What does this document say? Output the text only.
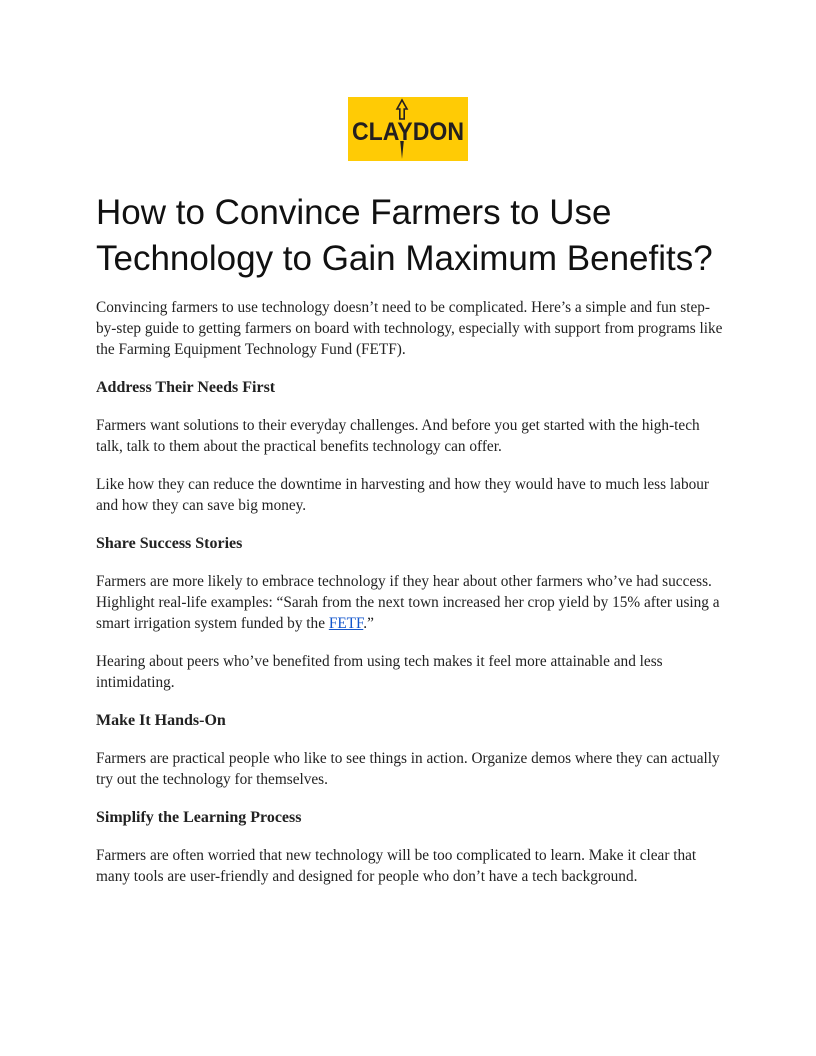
CLAYDON
How to Convince Farmers to Use Technology to Gain Maximum Benefits?

Convincing farmers to use technology doesn’t need to be complicated. Here’s a simple and fun step-by-step guide to getting farmers on board with technology, especially with support from programs like the Farming Equipment Technology Fund (FETF).

Address Their Needs First

Farmers want solutions to their everyday challenges. And before you get started with the high-tech talk, talk to them about the practical benefits technology can offer.

Like how they can reduce the downtime in harvesting and how they would have to much less labour and how they can save big money.

Share Success Stories

Farmers are more likely to embrace technology if they hear about other farmers who’ve had success. Highlight real-life examples: “Sarah from the next town increased her crop yield by 15% after using a smart irrigation system funded by the FETF.”

Hearing about peers who’ve benefited from using tech makes it feel more attainable and less intimidating.

Make It Hands-On

Farmers are practical people who like to see things in action. Organize demos where they can actually try out the technology for themselves.

Simplify the Learning Process

Farmers are often worried that new technology will be too complicated to learn. Make it clear that many tools are user-friendly and designed for people who don’t have a tech background.
